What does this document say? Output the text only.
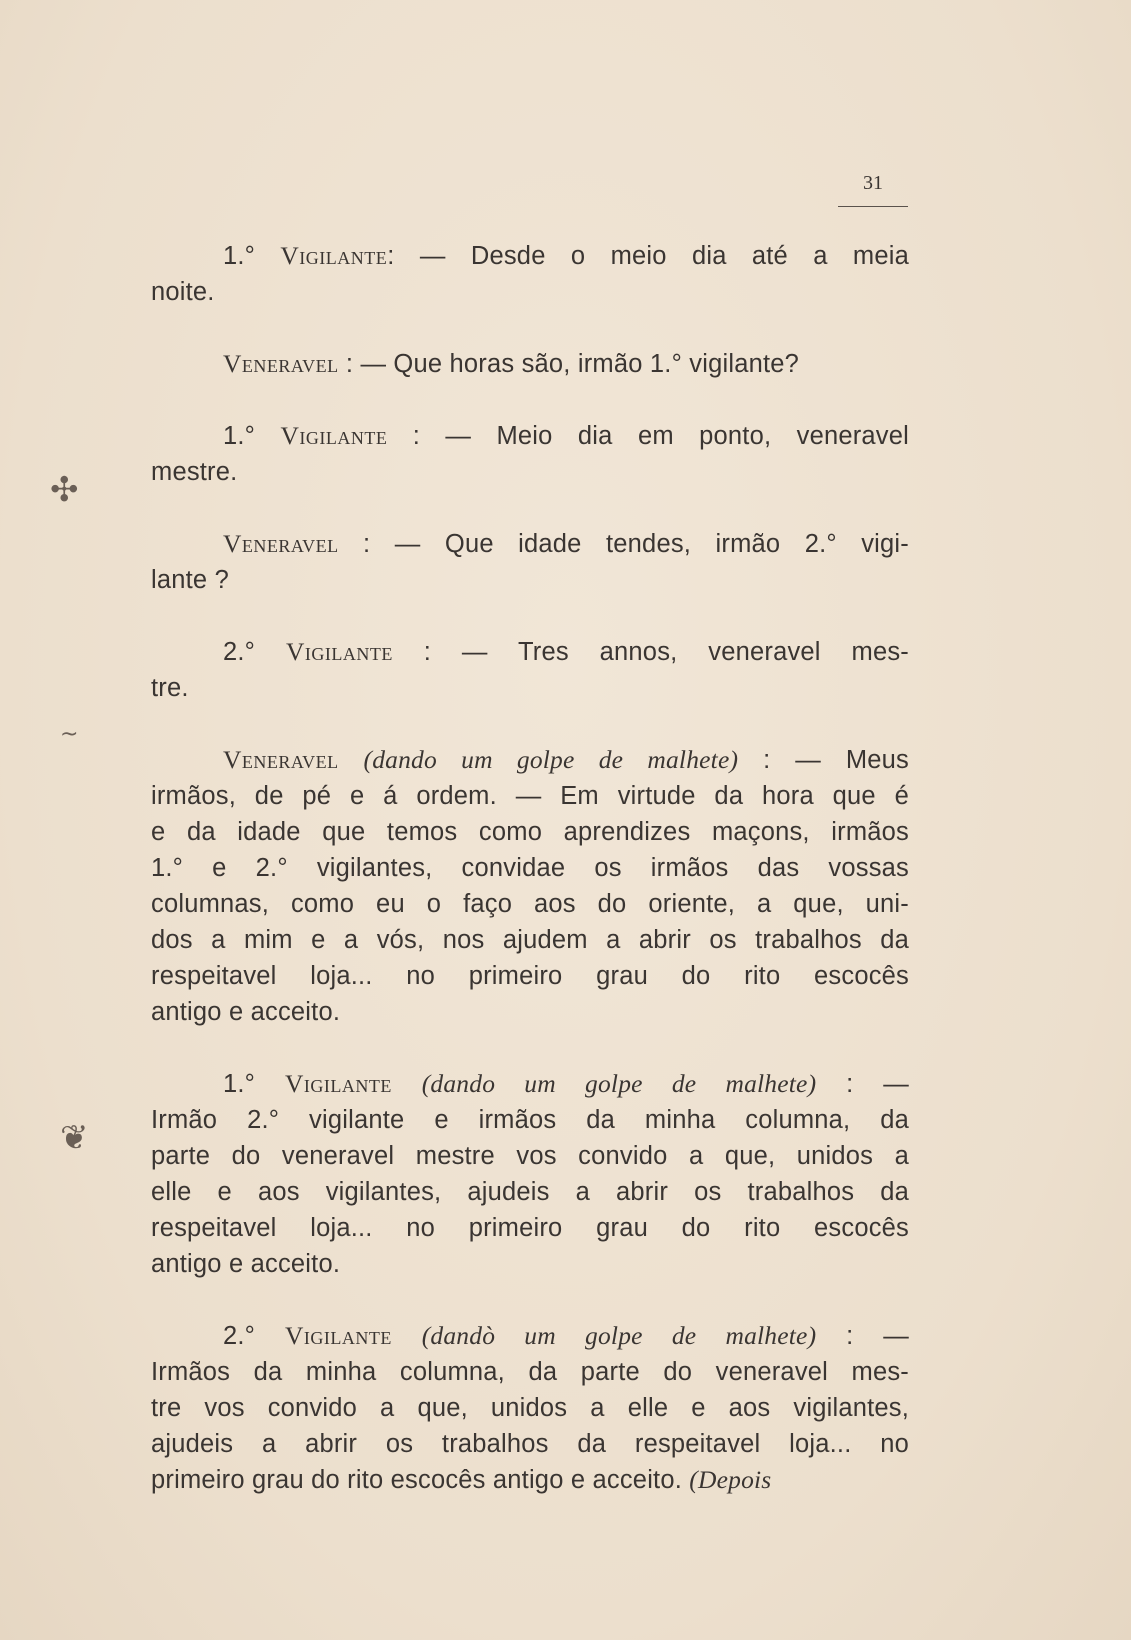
31
✣
~
❦
1.° Vigilante: — Desde o meio dia até a meia
noite.
Veneravel : — Que horas são, irmão 1.° vigilante?
1.° Vigilante : — Meio dia em ponto, veneravel
mestre.
Veneravel : — Que idade tendes, irmão 2.° vigi-
lante ?
2.° Vigilante : — Tres annos, veneravel mes-
tre.
Veneravel (dando um golpe de malhete) : — Meus
irmãos, de pé e á ordem. — Em virtude da hora que é
e da idade que temos como aprendizes maçons, irmãos
1.° e 2.° vigilantes, convidae os irmãos das vossas
columnas, como eu o faço aos do oriente, a que, uni-
dos a mim e a vós, nos ajudem a abrir os trabalhos da
respeitavel loja... no primeiro grau do rito escocês
antigo e acceito.
1.° Vigilante (dando um golpe de malhete) : —
Irmão 2.° vigilante e irmãos da minha columna, da
parte do veneravel mestre vos convido a que, unidos a
elle e aos vigilantes, ajudeis a abrir os trabalhos da
respeitavel loja... no primeiro grau do rito escocês
antigo e acceito.
2.° Vigilante (dandò um golpe de malhete) : —
Irmãos da minha columna, da parte do veneravel mes-
tre vos convido a que, unidos a elle e aos vigilantes,
ajudeis a abrir os trabalhos da respeitavel loja... no
primeiro grau do rito escocês antigo e acceito. (Depois
